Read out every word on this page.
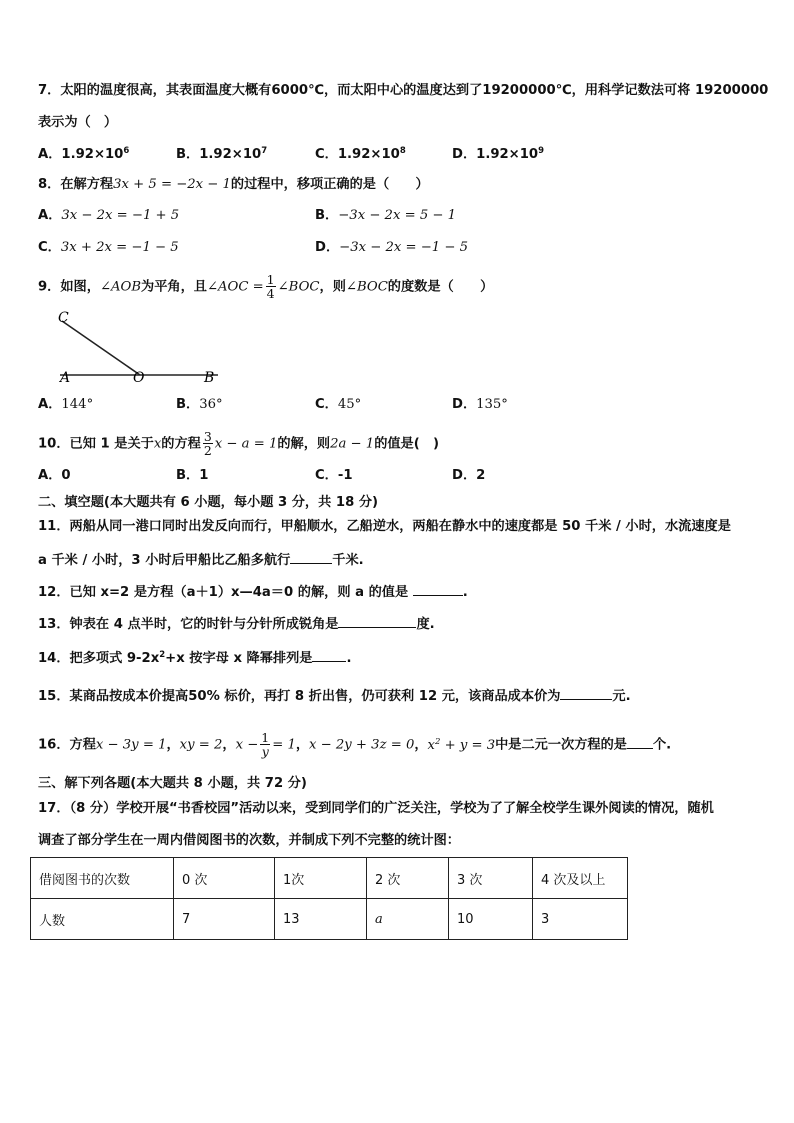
7．太阳的温度很高，其表面温度大概有6000℃，而太阳中心的温度达到了19200000℃，用科学记数法可将 19200000
表示为（　）
A．$1.92\times 10^6$	B．$1.92\times 10^7$	C．$1.92\times 10^8$	D．$1.92\times 10^9$
8．在解方程3x + 5 = −2x − 1的过程中，移项正确的是（　　）
A．3x − 2x = −1 + 5	B．−3x − 2x = 5 − 1
C．3x + 2x = −1 − 5	D．−3x − 2x = −1 − 5
9．如图，∠AOB为平角，且∠AOC = $\frac{1}{4}$ ∠BOC，则∠BOC的度数是（　　）
C
A	O	B
A．144°	B．36°	C．45°	D．135°
10．已知 1 是关于x的方程 $\frac{3}{2}$ x − a = 1的解，则2a − 1的值是(　)
A．0	B．1	C．-1	D．2
二、填空题(本大题共有 6 小题，每小题 3 分，共 18 分)
11．两船从同一港口同时出发反向而行，甲船顺水，乙船逆水，两船在静水中的速度都是 50 千米 / 小时，水流速度是
a 千米 / 小时，3 小时后甲船比乙船多航行	千米.
12．已知 x=2 是方程（a＋1）x—4a＝0 的解，则 a 的值是	.
13．钟表在 4 点半时，它的时针与分针所成锐角是	度.
14．把多项式 $9-2x^2+x$ 按字母 x 降幂排列是	.
15．某商品按成本价提高50% 标价，再打 8 折出售，仍可获利 12 元，该商品成本价为	元.
16．方程x − 3y = 1，xy = 2，$x - \frac{1}{y} = 1$，x − 2y + 3z = 0，$x^2 + y = 3$中是二元一次方程的是 个.
三、解下列各题(本大题共 8 小题，共 72 分)
17．（8 分）学校开展“书香校园”活动以来，受到同学们的广泛关注，学校为了了解全校学生课外阅读的情况，随机
调查了部分学生在一周内借阅图书的次数，并制成下列不完整的统计图：
借阅图书的次数	0 次	1次	2 次	3 次	4 次及以上
人数	7	13	a	10	3
